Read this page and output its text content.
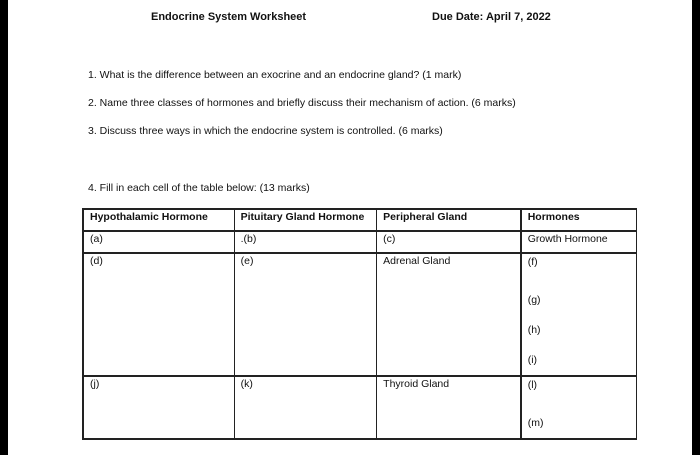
Endocrine System Worksheet	Due Date: April 7, 2022
1. What is the difference between an exocrine and an endocrine gland? (1 mark)
2. Name three classes of hormones and briefly discuss their mechanism of action. (6 marks)
3. Discuss three ways in which the endocrine system is controlled. (6 marks)
4. Fill in each cell of the table below: (13 marks)
Hypothalamic Hormone	Pituitary Gland Hormone	Peripheral Gland	Hormones
(a)	.(b)	(c)	Growth Hormone
(d)	(e)	Adrenal Gland	(f)
(g)
(h)
(i)

(j)	(k)	Thyroid Gland	(l)
(m)
